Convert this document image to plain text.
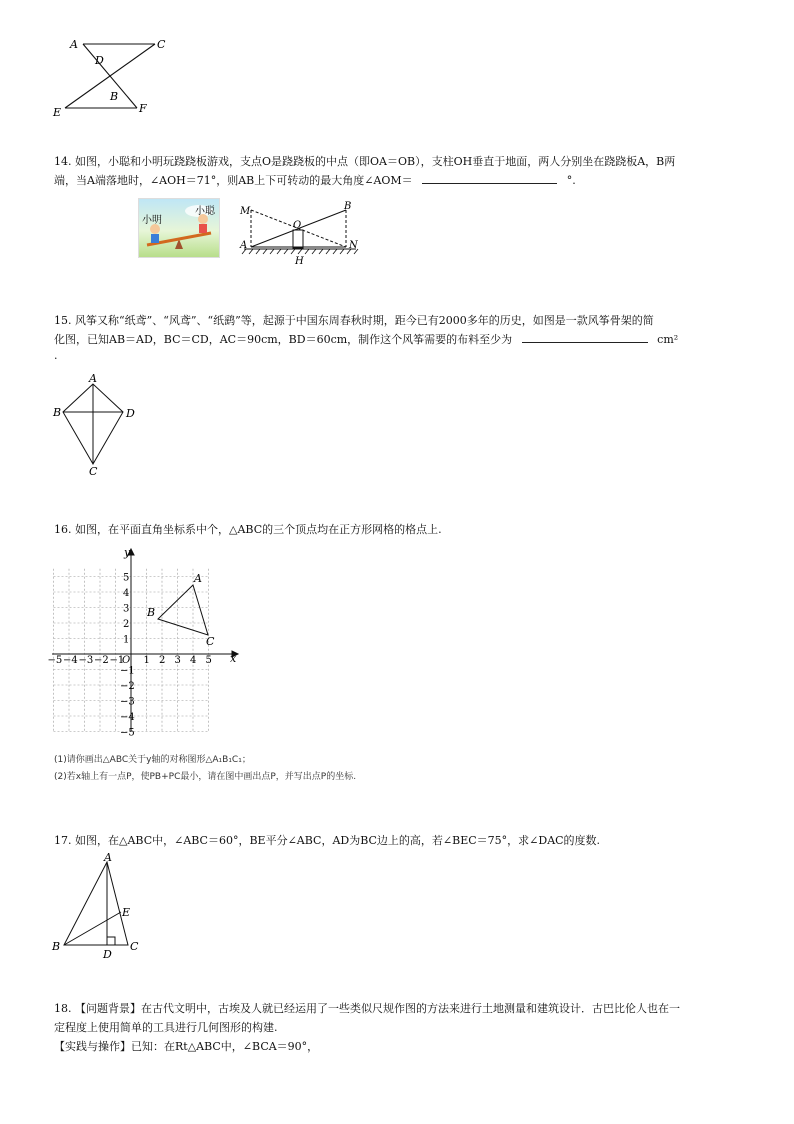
A	C
D
B
E	F
14. 如图，小聪和小明玩跷跷板游戏，支点O是跷跷板的中点（即OA＝OB），支柱OH垂直于地面，两人分别坐在跷跷板A，B两
端，当A端落地时，∠AOH＝71°，则AB上下可转动的最大角度∠AOM＝	°.
小明
小聪	M
O
B
A	N
H
15. 风筝又称“纸鸢”、“风鸢”、“纸鹞”等，起源于中国东周春秋时期，距今已有2000多年的历史，如图是一款风筝骨架的简
化图，已知AB＝AD，BC＝CD，AC＝90cm，BD＝60cm，制作这个风筝需要的布料至少为	cm²
.
A
B	D
C
16. 如图，在平面直角坐标系中个，△ABC的三个顶点均在正方形网格的格点上.
−5 −4 −3 −2 −1 1 2 3 4 5
5
4
3
2
1
−1
−2
−3
−4
−5
O	x
y
A
B
C
(1)请你画出△ABC关于y轴的对称图形△A₁B₁C₁；
(2)若x轴上有一点P，使PB+PC最小，请在图中画出点P，并写出点P的坐标.
17. 如图，在△ABC中，∠ABC＝60°，BE平分∠ABC，AD为BC边上的高，若∠BEC＝75°，求∠DAC的度数.
A
E
B
D
C
18. 【问题背景】在古代文明中，古埃及人就已经运用了一些类似尺规作图的方法来进行土地测量和建筑设计．古巴比伦人也在一
定程度上使用简单的工具进行几何图形的构建.
【实践与操作】已知：在Rt△ABC中，∠BCA＝90°，
